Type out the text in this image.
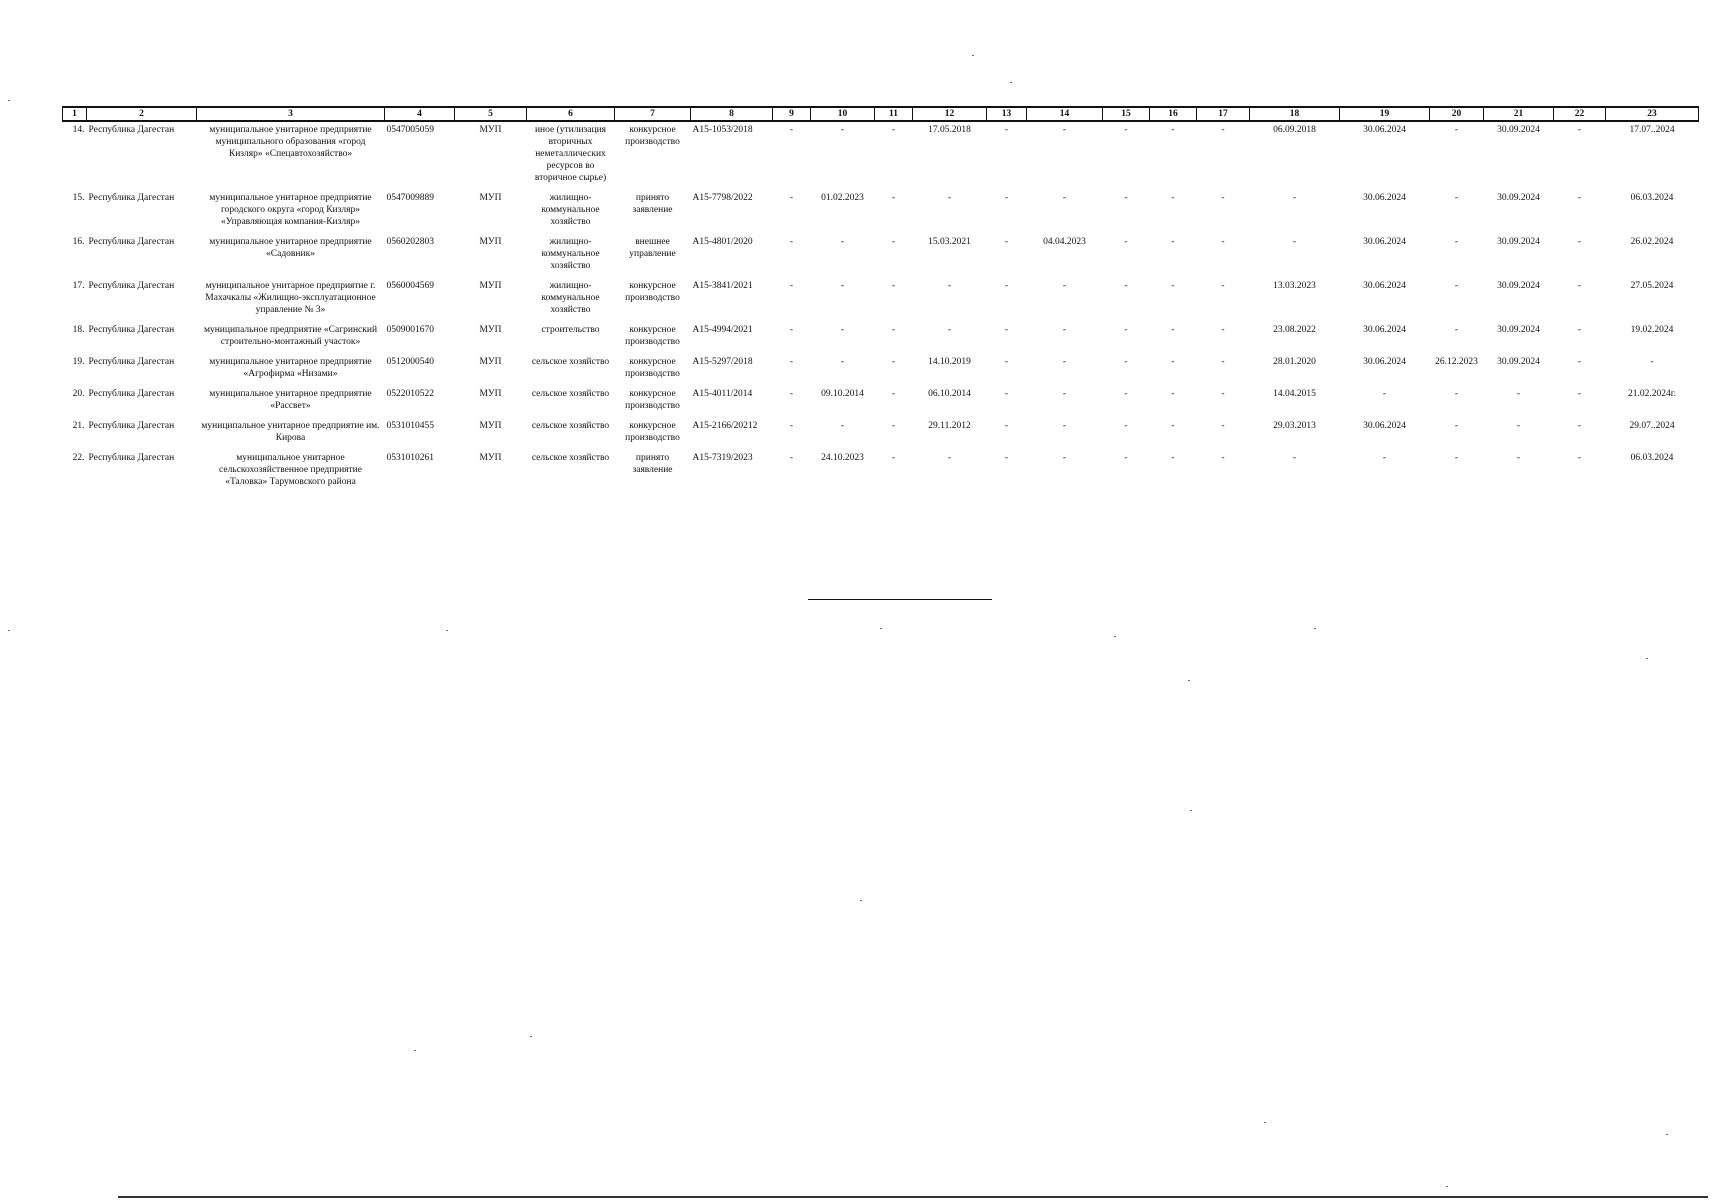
1	2	3	4	5	6	7	8	9	10	11	12	13	14	15	16	17	18	19	20	21	22	23
14.	Республика Дагестан	муниципальное унитарное предприятие муниципального образования «город Кизляр» «Спецавтохозяйство»	0547005059	МУП	иное (утилизация вторичных неметаллических ресурсов во вторичное сырье)	конкурсное производство	А15-1053/2018	-	-	-	17.05.2018	-	-	-	-	-	06.09.2018	30.06.2024	-	30.09.2024	-	17.07..2024
15.	Республика Дагестан	муниципальное унитарное предприятие городского округа «город Кизляр» «Управляющая компания-Кизляр»	0547009889	МУП	жилищно-коммунальное хозяйство	принято заявление	А15-7798/2022	-	01.02.2023	-	-	-	-	-	-	-	-	30.06.2024	-	30.09.2024	-	06.03.2024
16.	Республика Дагестан	муниципальное унитарное предприятие «Садовник»	0560202803	МУП	жилищно-коммунальное хозяйство	внешнее управление	А15-4801/2020	-	-	-	15.03.2021	-	04.04.2023	-	-	-	-	30.06.2024	-	30.09.2024	-	26.02.2024
17.	Республика Дагестан	муниципальное унитарное предприятие г. Махачкалы «Жилищно-эксплуатационное управление № 3»	0560004569	МУП	жилищно-коммунальное хозяйство	конкурсное производство	А15-3841/2021	-	-	-	-	-	-	-	-	-	13.03.2023	30.06.2024	-	30.09.2024	-	27.05.2024
18.	Республика Дагестан	муниципальное предприятие «Сагринский строительно-монтажный участок»	0509001670	МУП	строительство	конкурсное производство	А15-4994/2021	-	-	-	-	-	-	-	-	-	23.08.2022	30.06.2024	-	30.09.2024	-	19.02.2024
19.	Республика Дагестан	муниципальное унитарное предприятие «Агрофирма «Низами»	0512000540	МУП	сельское хозяйство	конкурсное производство	А15-5297/2018	-	-	-	14.10.2019	-	-	-	-	-	28.01.2020	30.06.2024	26.12.2023	30.09.2024	-	-
20.	Республика Дагестан	муниципальное унитарное предприятие «Рассвет»	0522010522	МУП	сельское хозяйство	конкурсное производство	А15-4011/2014	-	09.10.2014	-	06.10.2014	-	-	-	-	-	14.04.2015	-	-	-	-	21.02.2024г.
21.	Республика Дагестан	муниципальное унитарное предприятие им. Кирова	0531010455	МУП	сельское хозяйство	конкурсное производство	А15-2166/20212	-	-	-	29.11.2012	-	-	-	-	-	29.03.2013	30.06.2024	-	-	-	29.07..2024
22.	Республика Дагестан	муниципальное унитарное сельскохозяйственное предприятие «Таловка» Тарумовского района	0531010261	МУП	сельское хозяйство	принято заявление	А15-7319/2023	-	24.10.2023	-	-	-	-	-	-	-	-	-	-	-	-	06.03.2024
